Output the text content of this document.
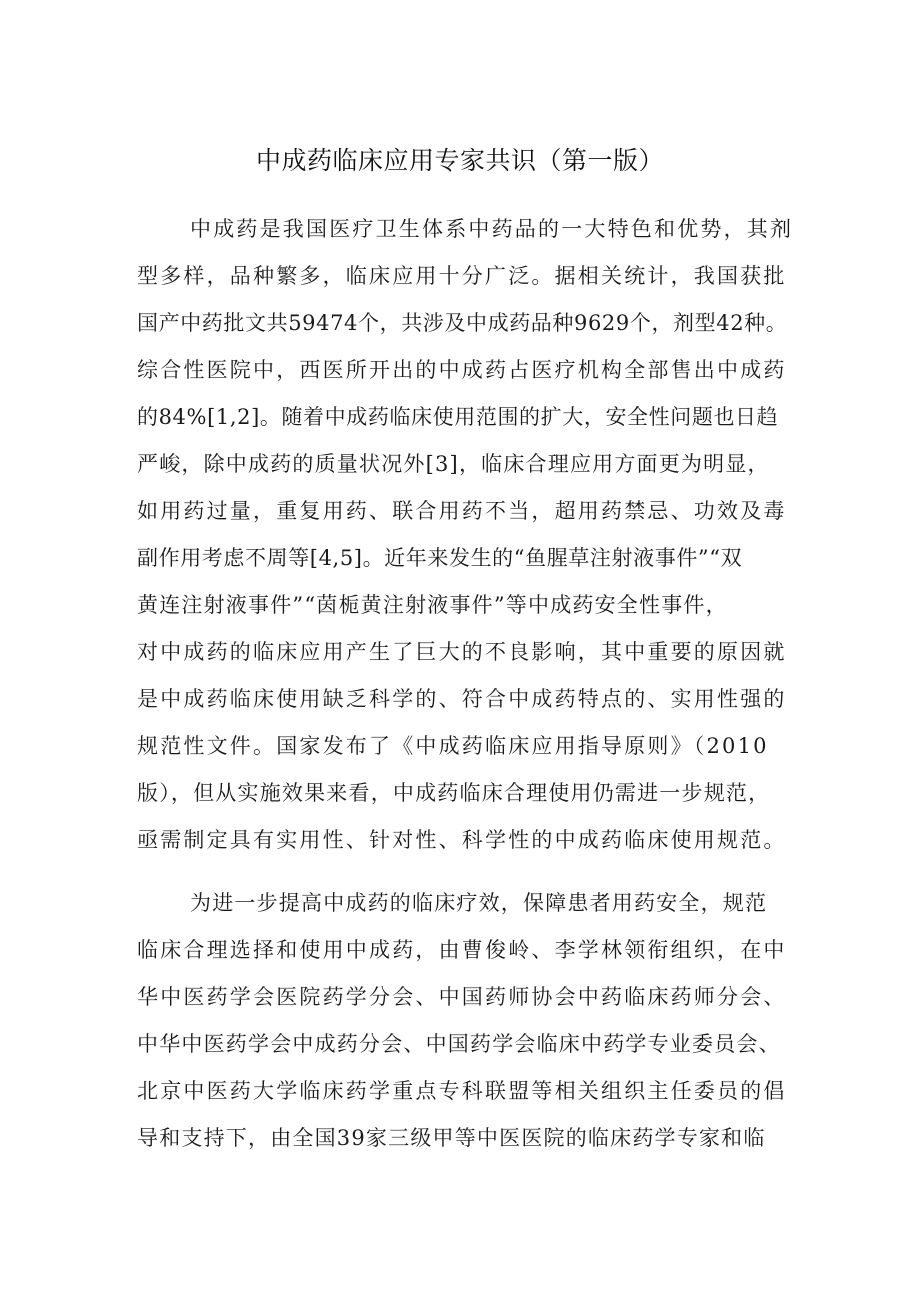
中成药临床应用专家共识（第一版）
中成药是我国医疗卫生体系中药品的一大特色和优势，其剂
型多样，品种繁多，临床应用十分广泛。据相关统计，我国获批
国产中药批文共59474个，共涉及中成药品种9629个，剂型42种。
综合性医院中，西医所开出的中成药占医疗机构全部售出中成药
的84%[1,2]。随着中成药临床使用范围的扩大，安全性问题也日趋
严峻，除中成药的质量状况外[3]，临床合理应用方面更为明显，
如用药过量，重复用药、联合用药不当，超用药禁忌、功效及毒
副作用考虑不周等[4,5]。近年来发生的“鱼腥草注射液事件”“双
黄连注射液事件”“茵栀黄注射液事件”等中成药安全性事件，
对中成药的临床应用产生了巨大的不良影响，其中重要的原因就
是中成药临床使用缺乏科学的、符合中成药特点的、实用性强的
规范性文件。国家发布了《中成药临床应用指导原则》（2010
版），但从实施效果来看，中成药临床合理使用仍需进一步规范，
亟需制定具有实用性、针对性、科学性的中成药临床使用规范。
为进一步提高中成药的临床疗效，保障患者用药安全，规范
临床合理选择和使用中成药，由曹俊岭、李学林领衔组织，在中
华中医药学会医院药学分会、中国药师协会中药临床药师分会、
中华中医药学会中成药分会、中国药学会临床中药学专业委员会、
北京中医药大学临床药学重点专科联盟等相关组织主任委员的倡
导和支持下，由全国39家三级甲等中医医院的临床药学专家和临
